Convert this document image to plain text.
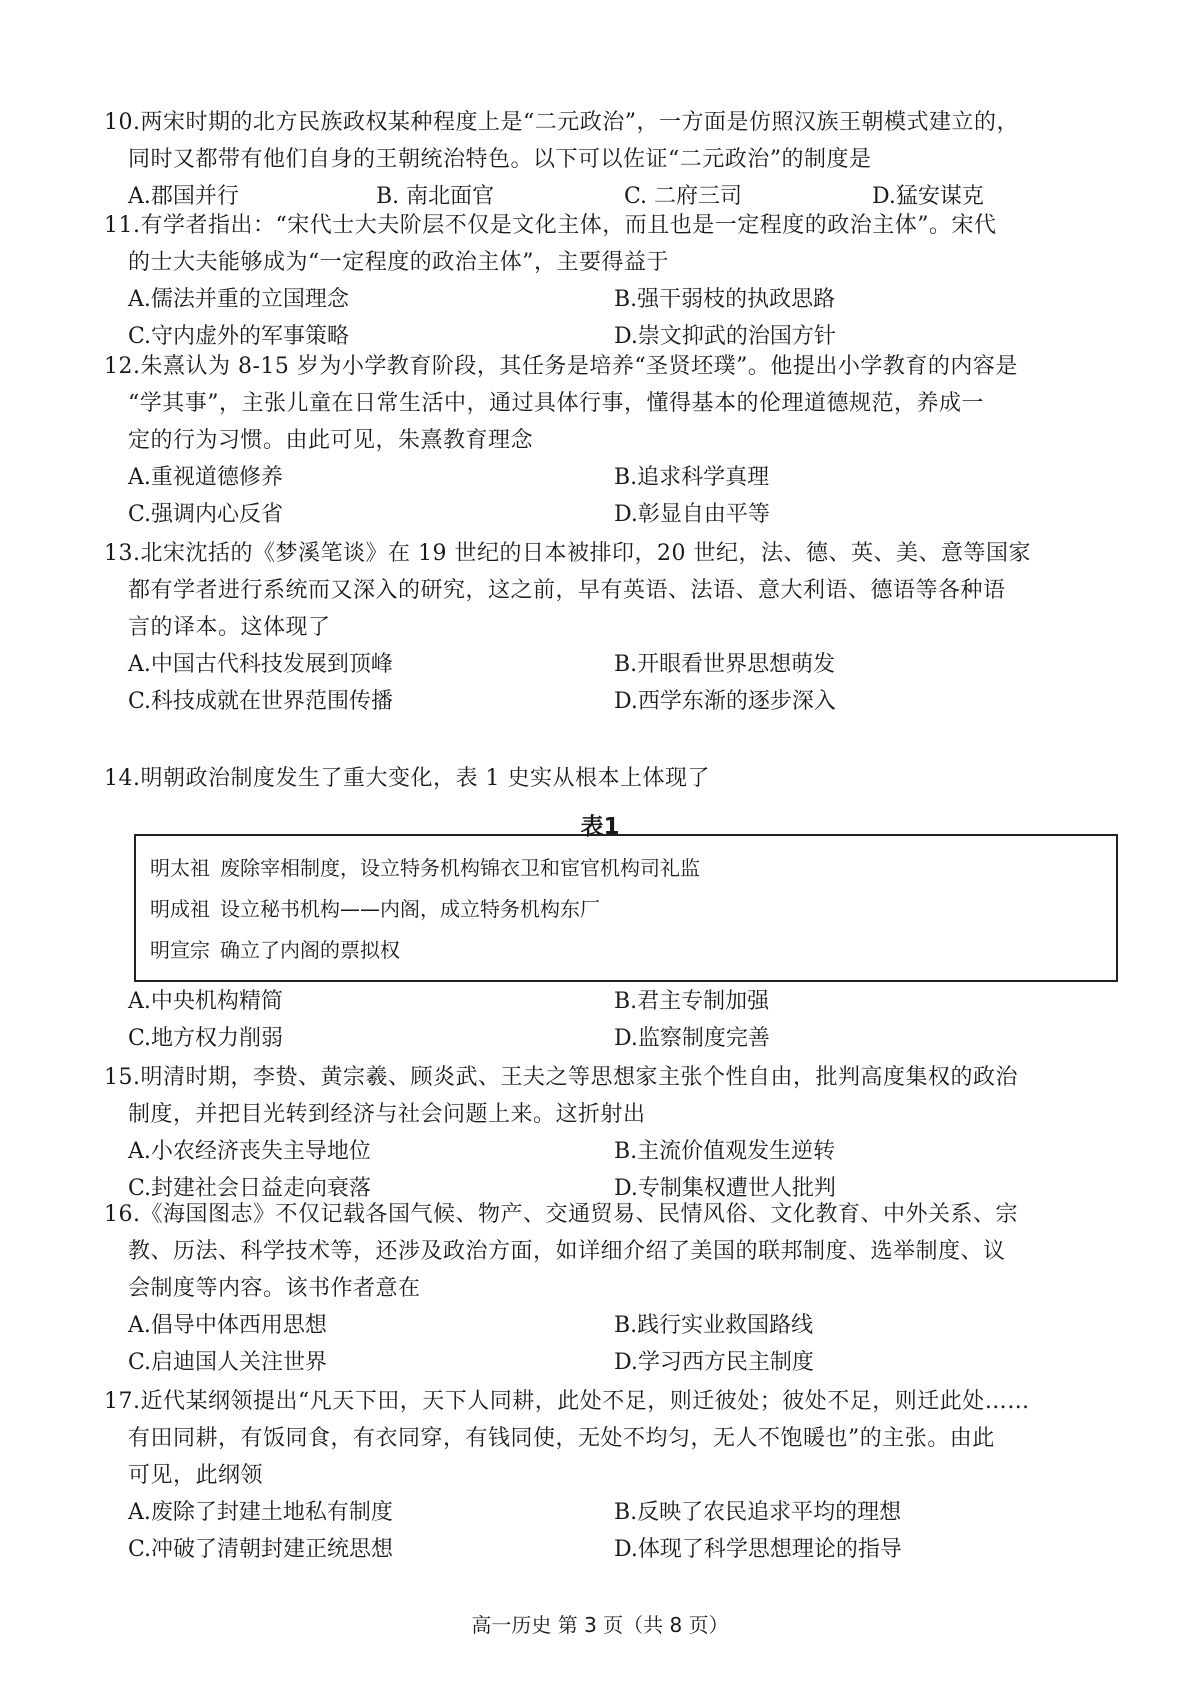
10.两宋时期的北方民族政权某种程度上是“二元政治”，一方面是仿照汉族王朝模式建立的，
同时又都带有他们自身的王朝统治特色。以下可以佐证“二元政治”的制度是

A.郡国并行	B. 南北面官	C. 二府三司	D.猛安谋克

11.有学者指出：“宋代士大夫阶层不仅是文化主体，而且也是一定程度的政治主体”。宋代
的士大夫能够成为“一定程度的政治主体”，主要得益于

A.儒法并重的立国理念	B.强干弱枝的执政思路
C.守内虚外的军事策略	D.崇文抑武的治国方针

12.朱熹认为 8-15 岁为小学教育阶段，其任务是培养“圣贤坯璞”。他提出小学教育的内容是
“学其事”，主张儿童在日常生活中，通过具体行事，懂得基本的伦理道德规范，养成一
定的行为习惯。由此可见，朱熹教育理念

A.重视道德修养	B.追求科学真理
C.强调内心反省	D.彰显自由平等

13.北宋沈括的《梦溪笔谈》在 19 世纪的日本被排印，20 世纪，法、德、英、美、意等国家
都有学者进行系统而又深入的研究，这之前，早有英语、法语、意大利语、德语等各种语
言的译本。这体现了

A.中国古代科技发展到顶峰	B.开眼看世界思想萌发
C.科技成就在世界范围传播	D.西学东渐的逐步深入

14.明朝政治制度发生了重大变化，表 1 史实从根本上体现了

表1
明太祖 废除宰相制度，设立特务机构锦衣卫和宦官机构司礼监
明成祖 设立秘书机构——内阁，成立特务机构东厂
明宣宗 确立了内阁的票拟权
A.中央机构精简	B.君主专制加强
C.地方权力削弱	D.监察制度完善

15.明清时期，李贽、黄宗羲、顾炎武、王夫之等思想家主张个性自由，批判高度集权的政治
制度，并把目光转到经济与社会问题上来。这折射出

A.小农经济丧失主导地位	B.主流价值观发生逆转
C.封建社会日益走向衰落	D.专制集权遭世人批判

16.《海国图志》不仅记载各国气候、物产、交通贸易、民情风俗、文化教育、中外关系、宗
教、历法、科学技术等，还涉及政治方面，如详细介绍了美国的联邦制度、选举制度、议
会制度等内容。该书作者意在

A.倡导中体西用思想	B.践行实业救国路线
C.启迪国人关注世界	D.学习西方民主制度

17.近代某纲领提出“凡天下田，天下人同耕，此处不足，则迁彼处；彼处不足，则迁此处……
有田同耕，有饭同食，有衣同穿，有钱同使，无处不均匀，无人不饱暖也”的主张。由此
可见，此纲领

A.废除了封建土地私有制度	B.反映了农民追求平均的理想
C.冲破了清朝封建正统思想	D.体现了科学思想理论的指导
高一历史 第 3 页（共 8 页）
